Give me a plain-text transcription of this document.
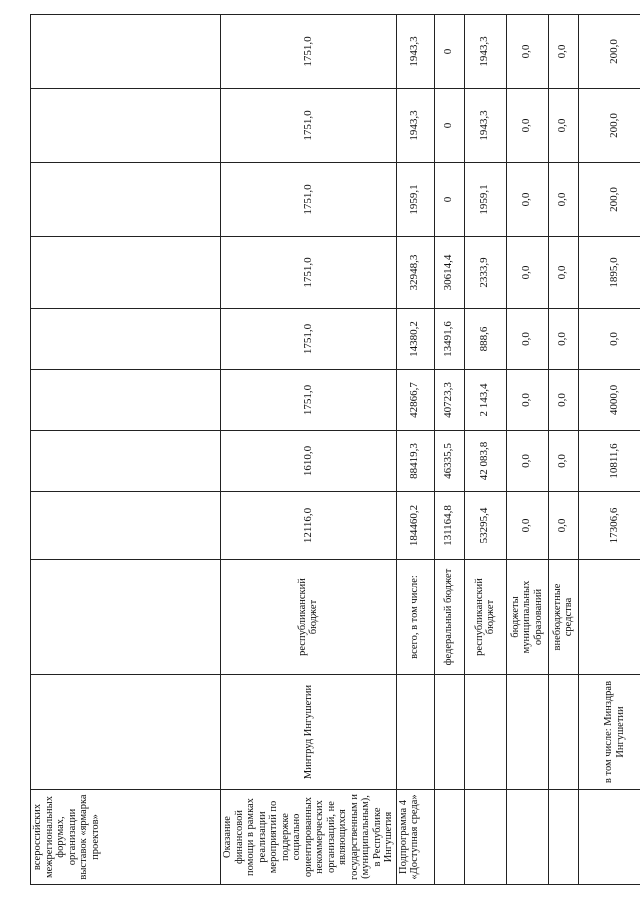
всероссийских межрегиональных форумах, организации выставок «ярмарка проектов»										
Оказание финансовой помощи в рамках реализации мероприятий по поддержке социально ориентированных некоммерческих организаций, не являющихся государственным и (муниципальным), в Республике Ингушетия	Минтруд Ингушетии	республиканский бюджет	12116,0	1610,0	1751,0	1751,0	1751,0	1751,0	1751,0	1751,0
Подпрограмма 4 «Доступная среда»		всего, в том числе:	184460,2	88419,3	42866,7	14380,2	32948,3	1959,1	1943,3	1943,3
		федеральный бюджет	131164,8	46335,5	40723,3	13491,6	30614,4	0	0	0
		республиканский бюджет	53295,4	42 083,8	2 143,4	888,6	2333,9	1959,1	1943,3	1943,3
		бюджеты муниципальных образований	0,0	0,0	0,0	0,0	0,0	0,0	0,0	0,0
		внебюджетные средства	0,0	0,0	0,0	0,0	0,0	0,0	0,0	0,0
	в том числе: Минздрав Ингушетии		17306,6	10811,6	4000,0	0,0	1895,0	200,0	200,0	200,0
